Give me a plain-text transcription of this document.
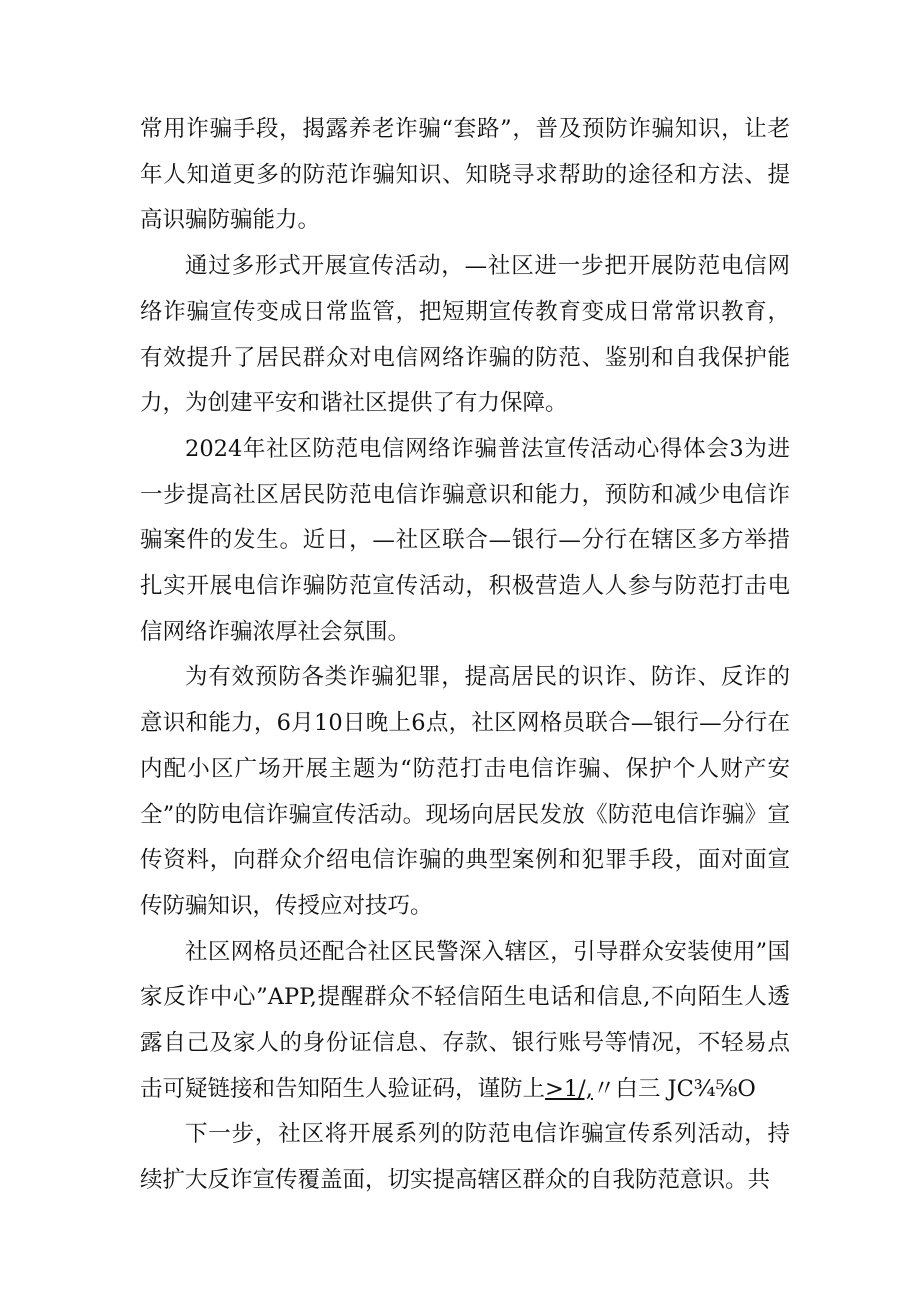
常用诈骗手段，揭露养老诈骗“套路”，普及预防诈骗知识，让老年人知道更多的防范诈骗知识、知晓寻求帮助的途径和方法、提高识骗防骗能力。

通过多形式开展宣传活动，—社区进一步把开展防范电信网络诈骗宣传变成日常监管，把短期宣传教育变成日常常识教育，有效提升了居民群众对电信网络诈骗的防范、鉴别和自我保护能力，为创建平安和谐社区提供了有力保障。

2024年社区防范电信网络诈骗普法宣传活动心得体会3为进一步提高社区居民防范电信诈骗意识和能力，预防和减少电信诈骗案件的发生。近日，—社区联合—银行—分行在辖区多方举措扎实开展电信诈骗防范宣传活动，积极营造人人参与防范打击电信网络诈骗浓厚社会氛围。

为有效预防各类诈骗犯罪，提高居民的识诈、防诈、反诈的意识和能力，6月10日晚上6点，社区网格员联合—银行—分行在内配小区广场开展主题为“防范打击电信诈骗、保护个人财产安全”的防电信诈骗宣传活动。现场向居民发放《防范电信诈骗》宣传资料，向群众介绍电信诈骗的典型案例和犯罪手段，面对面宣传防骗知识，传授应对技巧。

社区网格员还配合社区民警深入辖区，引导群众安装使用”国家反诈中心”APP,提醒群众不轻信陌生电话和信息,不向陌生人透露自己及家人的身份证信息、存款、银行账号等情况，不轻易点击可疑链接和告知陌生人验证码，谨防上>1/,〃白三 JC¾⅝O

下一步，社区将开展系列的防范电信诈骗宣传系列活动，持续扩大反诈宣传覆盖面，切实提高辖区群众的自我防范意识。共
